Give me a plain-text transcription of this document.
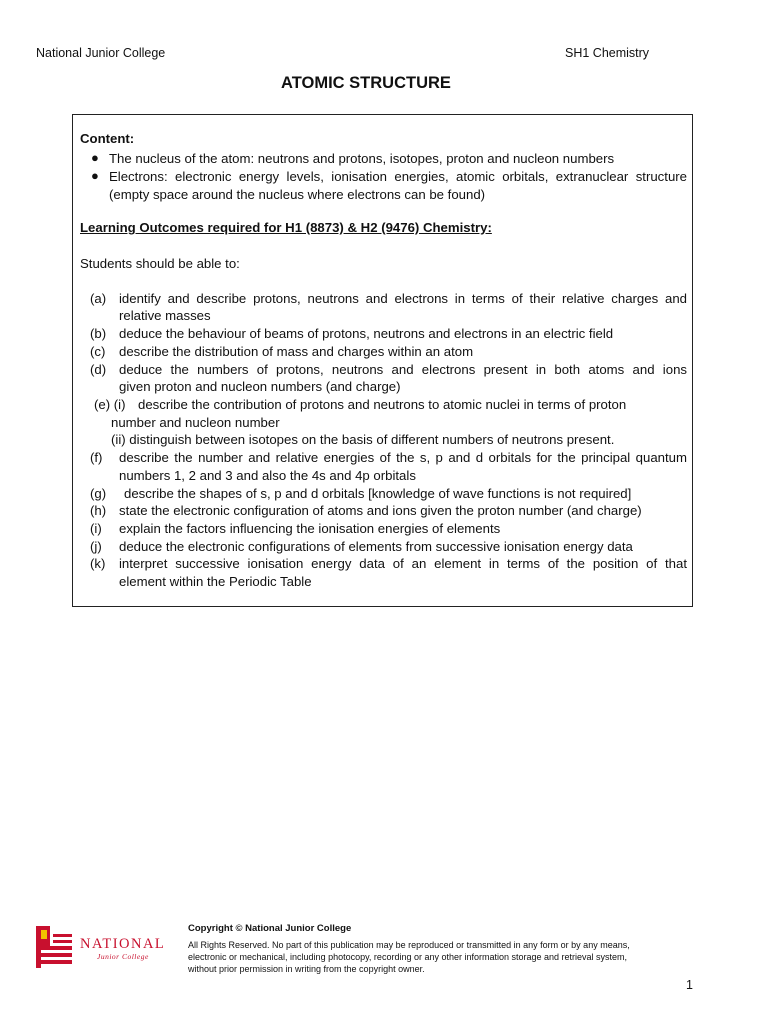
National Junior College	SH1 Chemistry
ATOMIC STRUCTURE
Content:
● The nucleus of the atom: neutrons and protons, isotopes, proton and nucleon numbers
● Electrons: electronic energy levels, ionisation energies, atomic orbitals, extranuclear structure
(empty space around the nucleus where electrons can be found)
Learning Outcomes required for H1 (8873) & H2 (9476) Chemistry:
Students should be able to:
(a) identify and describe protons, neutrons and electrons in terms of their relative charges and
relative masses
(b) deduce the behaviour of beams of protons, neutrons and electrons in an electric field
(c) describe the distribution of mass and charges within an atom
(d) deduce the numbers of protons, neutrons and electrons present in both atoms and ions
given proton and nucleon numbers (and charge)
(e) (i) describe the contribution of protons and neutrons to atomic nuclei in terms of proton
number and nucleon number
(ii) distinguish between isotopes on the basis of different numbers of neutrons present.
(f) describe the number and relative energies of the s, p and d orbitals for the principal quantum
numbers 1, 2 and 3 and also the 4s and 4p orbitals
(g) describe the shapes of s, p and d orbitals [knowledge of wave functions is not required]
(h) state the electronic configuration of atoms and ions given the proton number (and charge)
(i) explain the factors influencing the ionisation energies of elements
(j) deduce the electronic configurations of elements from successive ionisation energy data
(k) interpret successive ionisation energy data of an element in terms of the position of that
element within the Periodic Table
NATIONAL
Junior College
Copyright © National Junior College
All Rights Reserved. No part of this publication may be reproduced or transmitted in any form or by any means, electronic or mechanical, including photocopy, recording or any other information storage and retrieval system, without prior permission in writing from the copyright owner.
1
